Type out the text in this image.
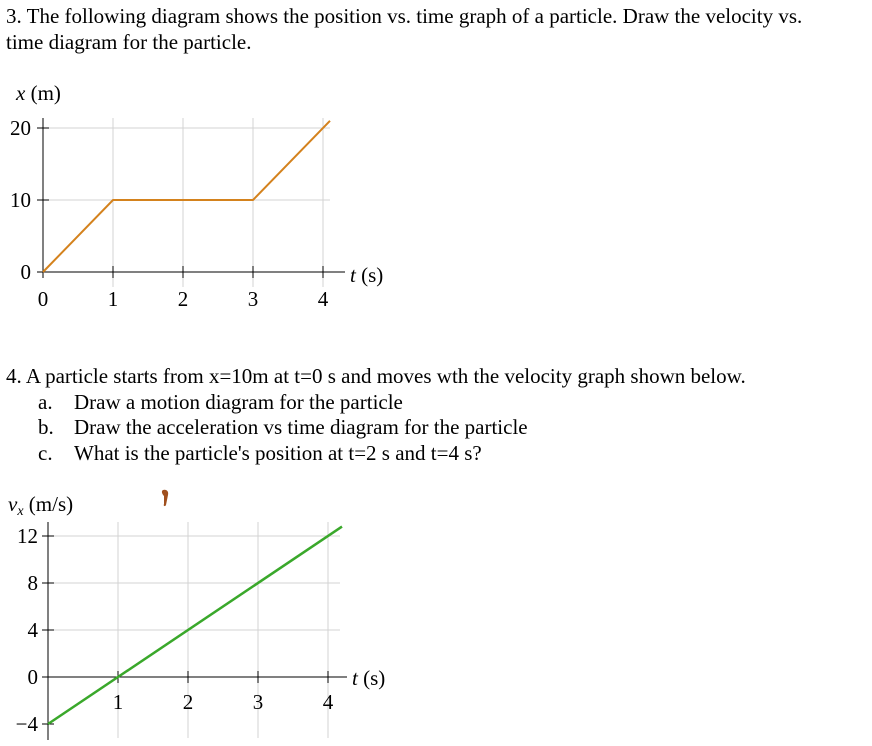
3. The following diagram shows the position vs. time graph of a particle. Draw the velocity vs.
time diagram for the particle.
0
10
20
0	1	2	3	4
x (m)
t (s)
12
8
4
0
−4
1	2	3	4
vx (m/s)
t (s)
4. A particle starts from x=10m at t=0 s and moves wth the velocity graph shown below.
a. Draw a motion diagram for the particle
b. Draw the acceleration vs time diagram for the particle
c. What is the particle's position at t=2 s and t=4 s?
